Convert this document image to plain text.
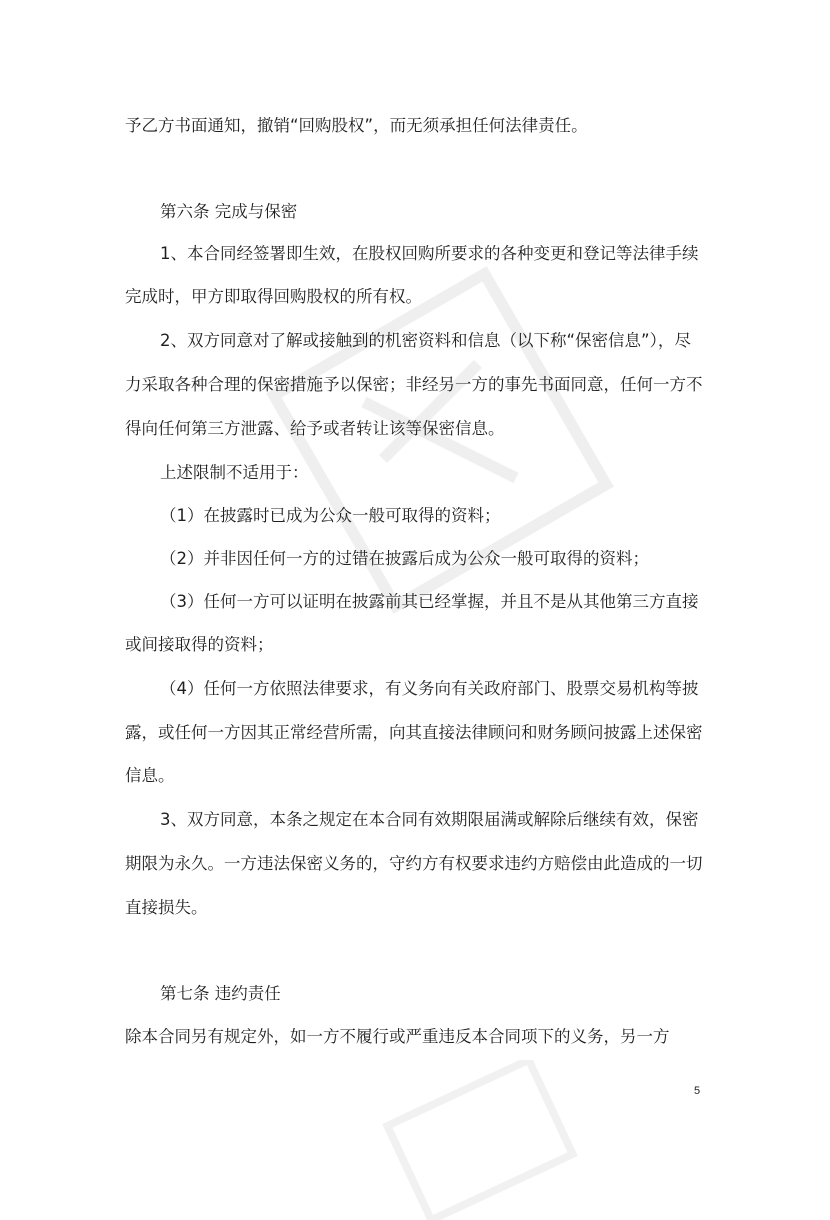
予乙方书面通知，撤销“回购股权”，而无须承担任何法律责任。
第六条 完成与保密
1、本合同经签署即生效，在股权回购所要求的各种变更和登记等法律手续
完成时，甲方即取得回购股权的所有权。
2、双方同意对了解或接触到的机密资料和信息（以下称“保密信息”），尽
力采取各种合理的保密措施予以保密；非经另一方的事先书面同意，任何一方不
得向任何第三方泄露、给予或者转让该等保密信息。
上述限制不适用于：
（1）在披露时已成为公众一般可取得的资料；
（2）并非因任何一方的过错在披露后成为公众一般可取得的资料；
（3）任何一方可以证明在披露前其已经掌握，并且不是从其他第三方直接
或间接取得的资料；
（4）任何一方依照法律要求，有义务向有关政府部门、股票交易机构等披
露，或任何一方因其正常经营所需，向其直接法律顾问和财务顾问披露上述保密
信息。
3、双方同意，本条之规定在本合同有效期限届满或解除后继续有效，保密
期限为永久。一方违法保密义务的，守约方有权要求违约方赔偿由此造成的一切
直接损失。
第七条 违约责任
除本合同另有规定外，如一方不履行或严重违反本合同项下的义务，另一方
5
